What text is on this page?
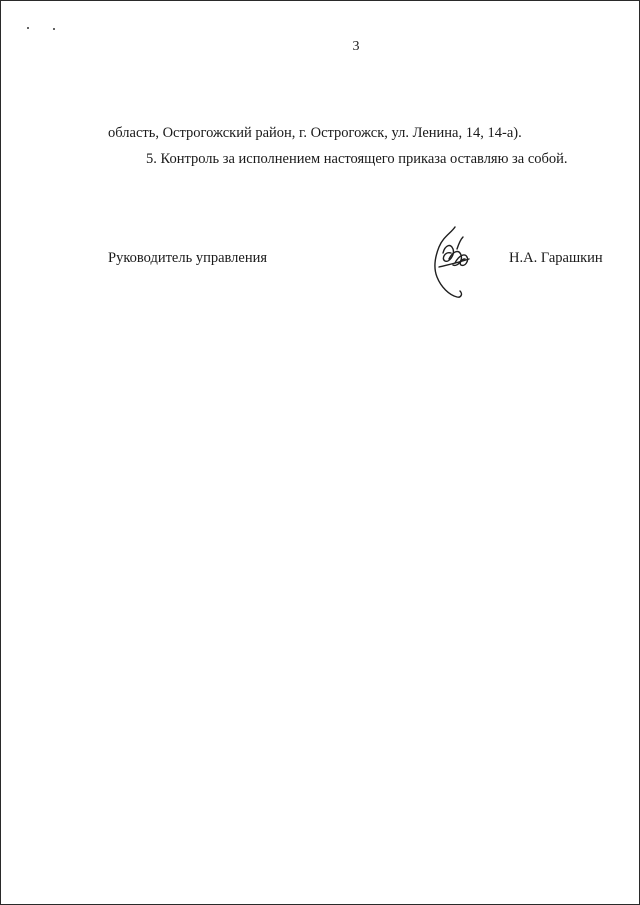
3
область, Острогожский район, г. Острогожск, ул. Ленина, 14, 14-а).
5. Контроль за исполнением настоящего приказа оставляю за собой.
Руководитель управления	Н.А. Гарашкин
